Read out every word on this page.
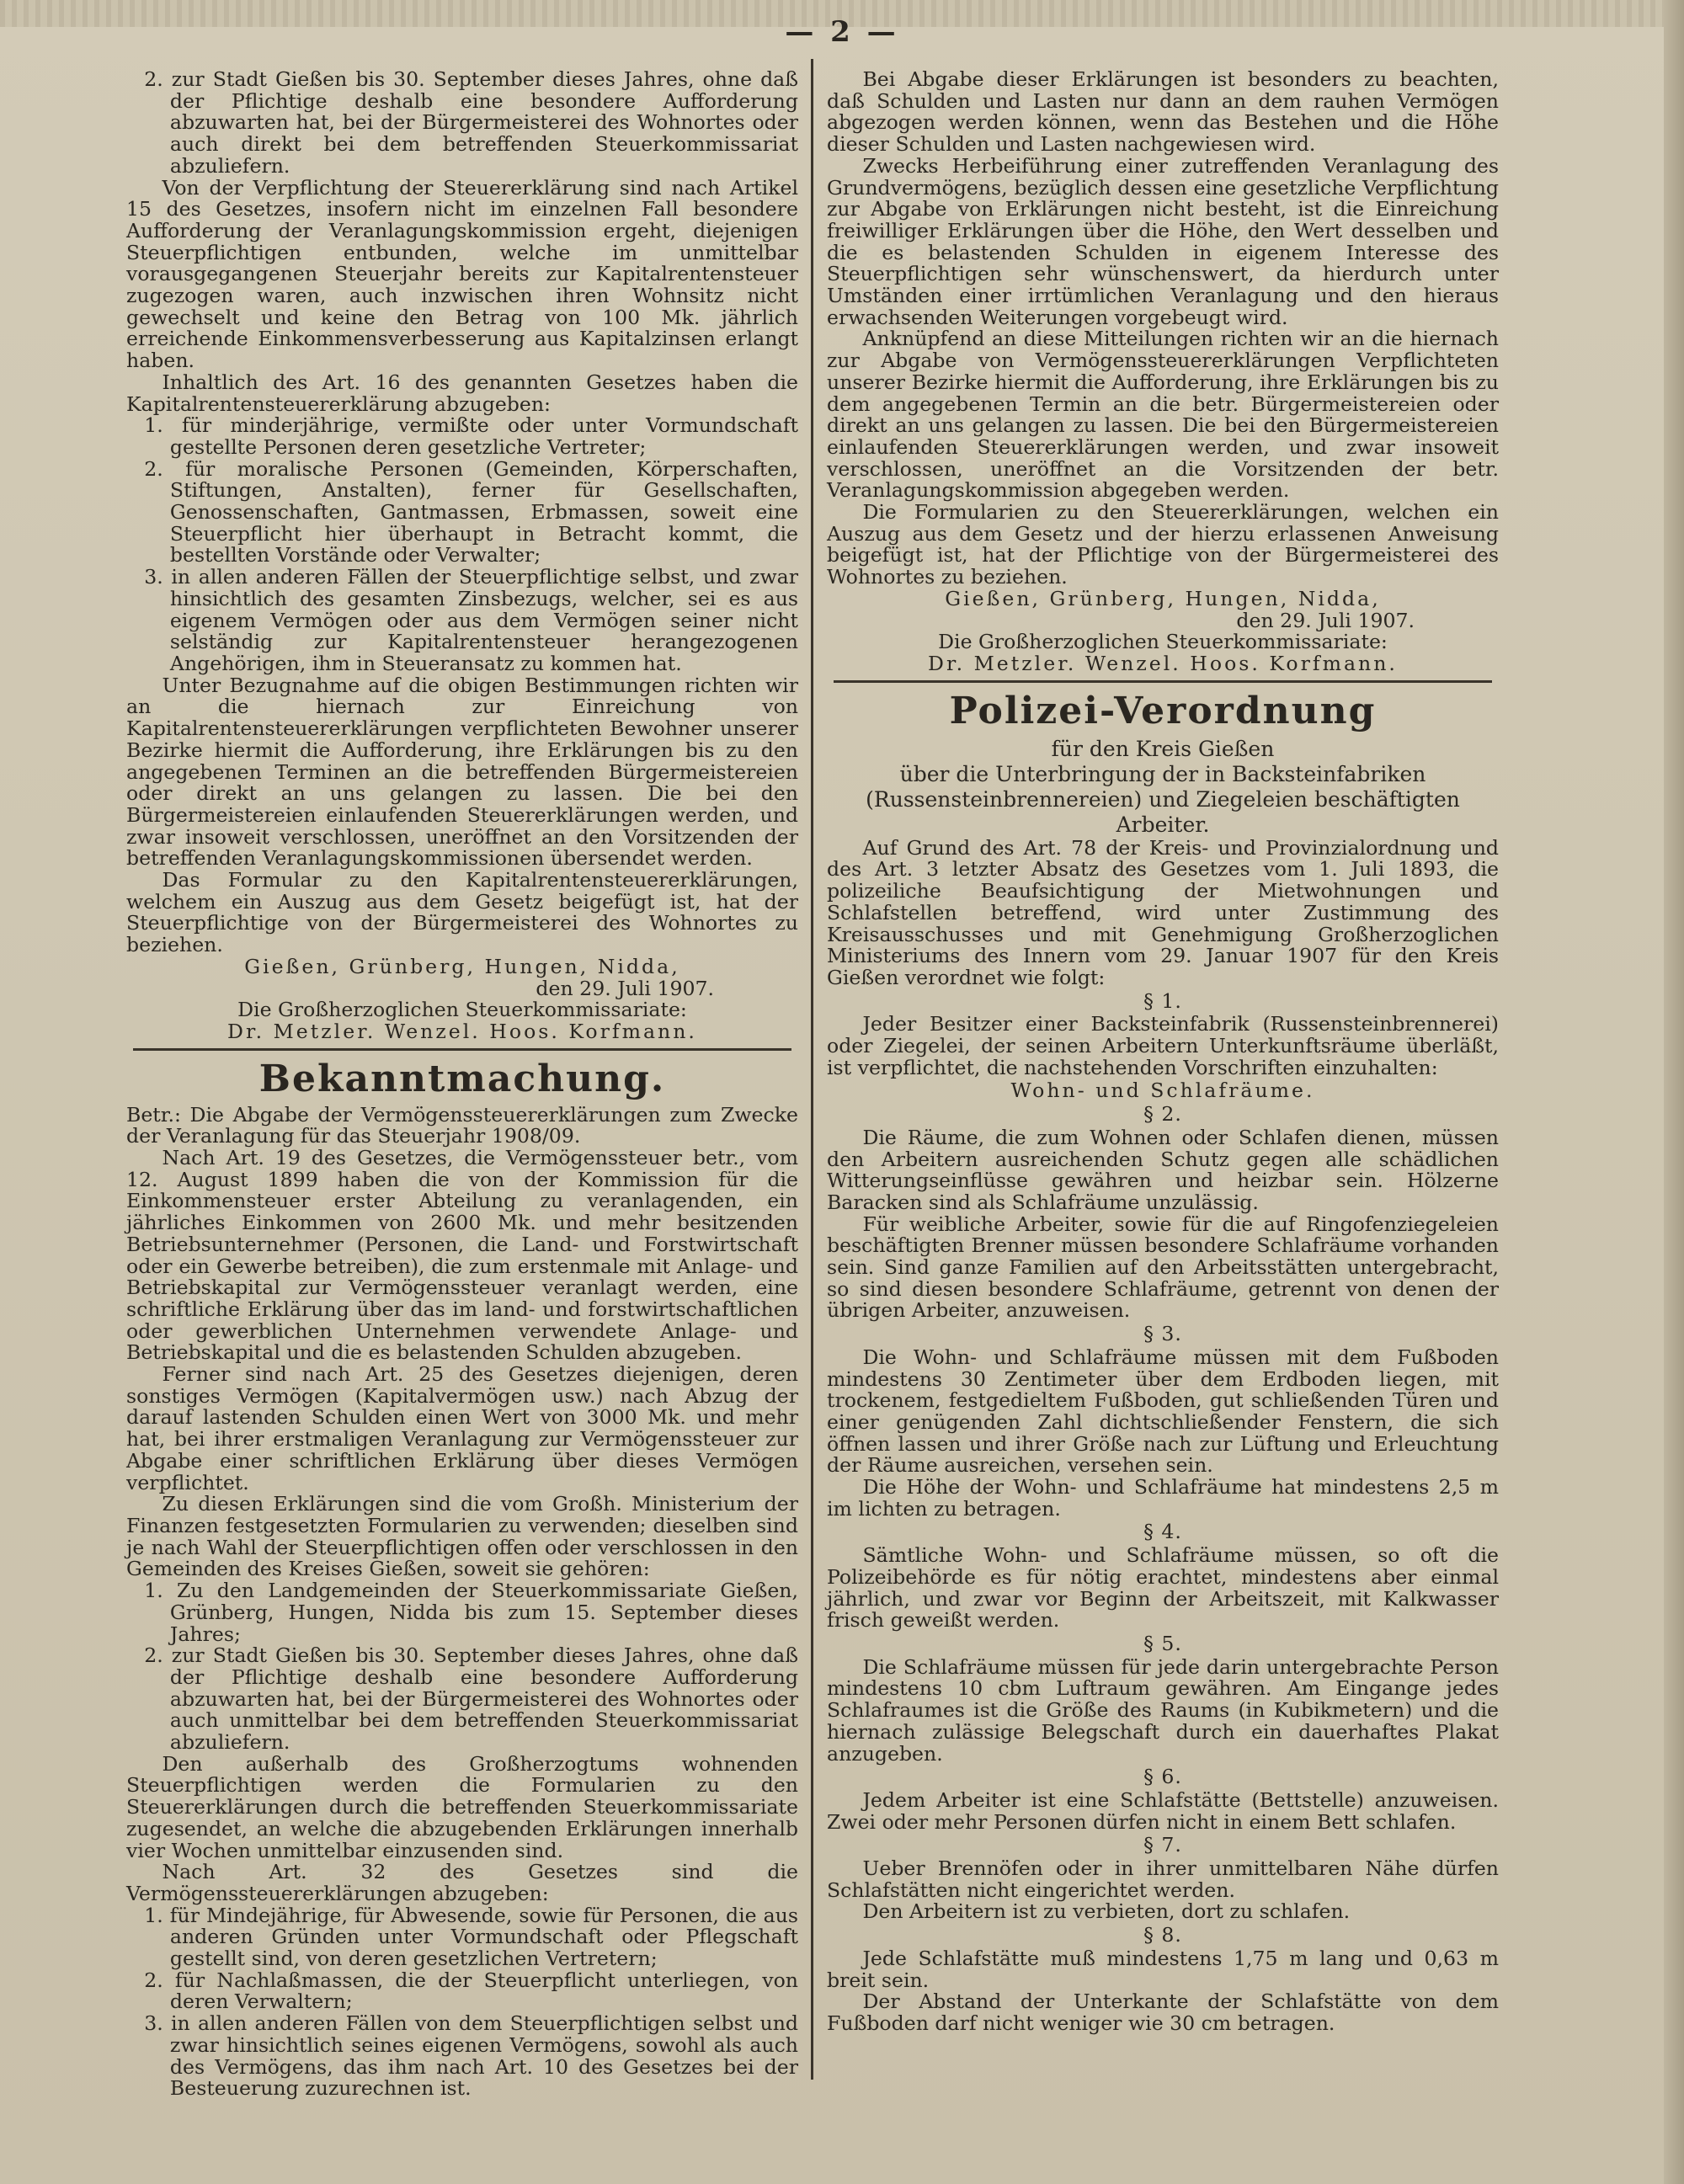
— 2 —

2. zur Stadt Gießen bis 30. September dieses Jahres, ohne daß der Pflichtige deshalb eine besondere Aufforderung abzuwarten hat, bei der Bürgermeisterei des Wohnortes oder auch direkt bei dem betreffenden Steuerkommissariat abzuliefern.

Von der Verpflichtung der Steuererklärung sind nach Artikel 15 des Gesetzes, insofern nicht im einzelnen Fall besondere Aufforderung der Veranlagungskommission ergeht, diejenigen Steuerpflichtigen entbunden, welche im unmittelbar vorausgegangenen Steuerjahr bereits zur Kapitalrentensteuer zugezogen waren, auch inzwischen ihren Wohnsitz nicht gewechselt und keine den Betrag von 100 Mk. jährlich erreichende Einkommensverbesserung aus Kapitalzinsen erlangt haben.

Inhaltlich des Art. 16 des genannten Gesetzes haben die Kapitalrentensteuererklärung abzugeben:

1. für minderjährige, vermißte oder unter Vormundschaft gestellte Personen deren gesetzliche Vertreter;

2. für moralische Personen (Gemeinden, Körperschaften, Stiftungen, Anstalten), ferner für Gesellschaften, Genossenschaften, Gantmassen, Erbmassen, soweit eine Steuerpflicht hier überhaupt in Betracht kommt, die bestellten Vorstände oder Verwalter;

3. in allen anderen Fällen der Steuerpflichtige selbst, und zwar hinsichtlich des gesamten Zinsbezugs, welcher, sei es aus eigenem Vermögen oder aus dem Vermögen seiner nicht selständig zur Kapitalrentensteuer herangezogenen Angehörigen, ihm in Steueransatz zu kommen hat.

Unter Bezugnahme auf die obigen Bestimmungen richten wir an die hiernach zur Einreichung von Kapitalrentensteuererklärungen verpflichteten Bewohner unserer Bezirke hiermit die Aufforderung, ihre Erklärungen bis zu den angegebenen Terminen an die betreffenden Bürgermeistereien oder direkt an uns gelangen zu lassen. Die bei den Bürgermeistereien einlaufenden Steuererklärungen werden, und zwar insoweit verschlossen, uneröffnet an den Vorsitzenden der betreffenden Veranlagungskommissionen übersendet werden.

Das Formular zu den Kapitalrentensteuererklärungen, welchem ein Auszug aus dem Gesetz beigefügt ist, hat der Steuerpflichtige von der Bürgermeisterei des Wohnortes zu beziehen.

Gießen, Grünberg, Hungen, Nidda,

den 29. Juli 1907.

Die Großherzoglichen Steuerkommissariate:

Dr. Metzler. Wenzel. Hoos. Korfmann.

Bekanntmachung.

Betr.: Die Abgabe der Vermögenssteuererklärungen zum Zwecke der Veranlagung für das Steuerjahr 1908/09.

Nach Art. 19 des Gesetzes, die Vermögenssteuer betr., vom 12. August 1899 haben die von der Kommission für die Einkommensteuer erster Abteilung zu veranlagenden, ein jährliches Einkommen von 2600 Mk. und mehr besitzenden Betriebsunternehmer (Personen, die Land- und Forstwirtschaft oder ein Gewerbe betreiben), die zum erstenmale mit Anlage- und Betriebskapital zur Vermögenssteuer veranlagt werden, eine schriftliche Erklärung über das im land- und forstwirtschaftlichen oder gewerblichen Unternehmen verwendete Anlage- und Betriebskapital und die es belastenden Schulden abzugeben.

Ferner sind nach Art. 25 des Gesetzes diejenigen, deren sonstiges Vermögen (Kapitalvermögen usw.) nach Abzug der darauf lastenden Schulden einen Wert von 3000 Mk. und mehr hat, bei ihrer erstmaligen Veranlagung zur Vermögenssteuer zur Abgabe einer schriftlichen Erklärung über dieses Vermögen verpflichtet.

Zu diesen Erklärungen sind die vom Großh. Ministerium der Finanzen festgesetzten Formularien zu verwenden; dieselben sind je nach Wahl der Steuerpflichtigen offen oder verschlossen in den Gemeinden des Kreises Gießen, soweit sie gehören:

1. Zu den Landgemeinden der Steuerkommissariate Gießen, Grünberg, Hungen, Nidda bis zum 15. September dieses Jahres;

2. zur Stadt Gießen bis 30. September dieses Jahres, ohne daß der Pflichtige deshalb eine besondere Aufforderung abzuwarten hat, bei der Bürgermeisterei des Wohnortes oder auch unmittelbar bei dem betreffenden Steuerkommissariat abzuliefern.

Den außerhalb des Großherzogtums wohnenden Steuerpflichtigen werden die Formularien zu den Steuererklärungen durch die betreffenden Steuerkommissariate zugesendet, an welche die abzugebenden Erklärungen innerhalb vier Wochen unmittelbar einzusenden sind.

Nach Art. 32 des Gesetzes sind die Vermögenssteuererklärungen abzugeben:

1. für Mindejährige, für Abwesende, sowie für Personen, die aus anderen Gründen unter Vormundschaft oder Pflegschaft gestellt sind, von deren gesetzlichen Vertretern;

2. für Nachlaßmassen, die der Steuerpflicht unterliegen, von deren Verwaltern;

3. in allen anderen Fällen von dem Steuerpflichtigen selbst und zwar hinsichtlich seines eigenen Vermögens, sowohl als auch des Vermögens, das ihm nach Art. 10 des Gesetzes bei der Besteuerung zuzurechnen ist.

Bei Abgabe dieser Erklärungen ist besonders zu beachten, daß Schulden und Lasten nur dann an dem rauhen Vermögen abgezogen werden können, wenn das Bestehen und die Höhe dieser Schulden und Lasten nachgewiesen wird.

Zwecks Herbeiführung einer zutreffenden Veranlagung des Grundvermögens, bezüglich dessen eine gesetzliche Verpflichtung zur Abgabe von Erklärungen nicht besteht, ist die Einreichung freiwilliger Erklärungen über die Höhe, den Wert desselben und die es belastenden Schulden in eigenem Interesse des Steuerpflichtigen sehr wünschenswert, da hierdurch unter Umständen einer irrtümlichen Veranlagung und den hieraus erwachsenden Weiterungen vorgebeugt wird.

Anknüpfend an diese Mitteilungen richten wir an die hiernach zur Abgabe von Vermögenssteuererklärungen Verpflichteten unserer Bezirke hiermit die Aufforderung, ihre Erklärungen bis zu dem angegebenen Termin an die betr. Bürgermeistereien oder direkt an uns gelangen zu lassen. Die bei den Bürgermeistereien einlaufenden Steuererklärungen werden, und zwar insoweit verschlossen, uneröffnet an die Vorsitzenden der betr. Veranlagungskommission abgegeben werden.

Die Formularien zu den Steuererklärungen, welchen ein Auszug aus dem Gesetz und der hierzu erlassenen Anweisung beigefügt ist, hat der Pflichtige von der Bürgermeisterei des Wohnortes zu beziehen.

Gießen, Grünberg, Hungen, Nidda,

den 29. Juli 1907.

Die Großherzoglichen Steuerkommissariate:

Dr. Metzler. Wenzel. Hoos. Korfmann.

Polizei-Verordnung

für den Kreis Gießen

über die Unterbringung der in Backsteinfabriken (Russensteinbrennereien) und Ziegeleien beschäftigten Arbeiter.

Auf Grund des Art. 78 der Kreis- und Provinzialordnung und des Art. 3 letzter Absatz des Gesetzes vom 1. Juli 1893, die polizeiliche Beaufsichtigung der Mietwohnungen und Schlafstellen betreffend, wird unter Zustimmung des Kreisausschusses und mit Genehmigung Großherzoglichen Ministeriums des Innern vom 29. Januar 1907 für den Kreis Gießen verordnet wie folgt:

§ 1.

Jeder Besitzer einer Backsteinfabrik (Russensteinbrennerei) oder Ziegelei, der seinen Arbeitern Unterkunftsräume überläßt, ist verpflichtet, die nachstehenden Vorschriften einzuhalten:

Wohn- und Schlafräume.

§ 2.

Die Räume, die zum Wohnen oder Schlafen dienen, müssen den Arbeitern ausreichenden Schutz gegen alle schädlichen Witterungseinflüsse gewähren und heizbar sein. Hölzerne Baracken sind als Schlafräume unzulässig.

Für weibliche Arbeiter, sowie für die auf Ringofenziegeleien beschäftigten Brenner müssen besondere Schlafräume vorhanden sein. Sind ganze Familien auf den Arbeitsstätten untergebracht, so sind diesen besondere Schlafräume, getrennt von denen der übrigen Arbeiter, anzuweisen.

§ 3.

Die Wohn- und Schlafräume müssen mit dem Fußboden mindestens 30 Zentimeter über dem Erdboden liegen, mit trockenem, festgedieltem Fußboden, gut schließenden Türen und einer genügenden Zahl dichtschließender Fenstern, die sich öffnen lassen und ihrer Größe nach zur Lüftung und Erleuchtung der Räume ausreichen, versehen sein.

Die Höhe der Wohn- und Schlafräume hat mindestens 2,5 m im lichten zu betragen.

§ 4.

Sämtliche Wohn- und Schlafräume müssen, so oft die Polizeibehörde es für nötig erachtet, mindestens aber einmal jährlich, und zwar vor Beginn der Arbeitszeit, mit Kalkwasser frisch geweißt werden.

§ 5.

Die Schlafräume müssen für jede darin untergebrachte Person mindestens 10 cbm Luftraum gewähren. Am Eingange jedes Schlafraumes ist die Größe des Raums (in Kubikmetern) und die hiernach zulässige Belegschaft durch ein dauerhaftes Plakat anzugeben.

§ 6.

Jedem Arbeiter ist eine Schlafstätte (Bettstelle) anzuweisen. Zwei oder mehr Personen dürfen nicht in einem Bett schlafen.

§ 7.

Ueber Brennöfen oder in ihrer unmittelbaren Nähe dürfen Schlafstätten nicht eingerichtet werden.

Den Arbeitern ist zu verbieten, dort zu schlafen.

§ 8.

Jede Schlafstätte muß mindestens 1,75 m lang und 0,63 m breit sein.

Der Abstand der Unterkante der Schlafstätte von dem Fußboden darf nicht weniger wie 30 cm betragen.
